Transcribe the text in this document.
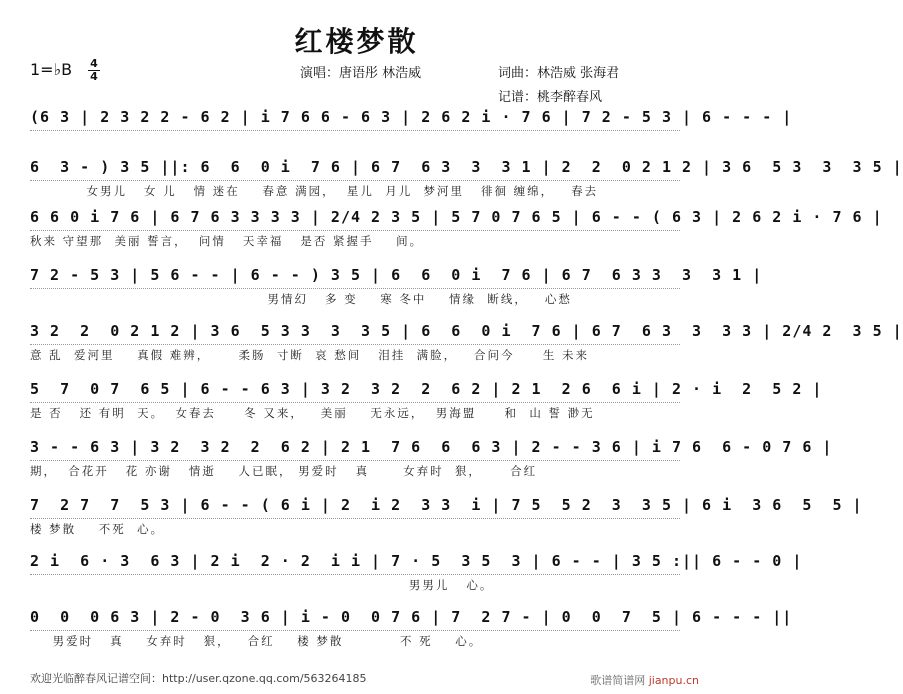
红楼梦散
1=♭B $\frac{4}{4}$	演唱：唐语彤 林浩威	词曲：林浩威 张海君
记谱：桃李醉春风
(6 3 | 2 3 2 2 - 6 2 | i 7 6 6 - 6 3 | 2 6 2 i · 7 6 | 7 2 - 5 3 | 6 - - - |
6  3 - ) 3 5 ||: 6  6  0 i  7 6 | 6 7  6 3  3  3 1 | 2  2  0 2 1 2 | 3 6  5 3  3  3 5 |
女男儿   女 儿   情 迷在    春意 满园，  星儿  月儿  梦河里   徘徊 缠绵，   春去
6 6 0 i 7 6 | 6 7 6 3 3 3 3 | 2/4 2 3 5 | 5 7 0 7 6 5 | 6 - - ( 6 3 | 2 6 2 i · 7 6 |
秋来 守望那  美丽 誓言，  问情   天幸福   是否 紧握手    间。
7 2 - 5 3 | 5 6 - - | 6 - - ) 3 5 | 6  6  0 i  7 6 | 6 7  6 3 3  3  3 1 |
男情幻   多 变    寒 冬中    情缘  断线，   心愁
3 2  2  0 2 1 2 | 3 6  5 3 3  3  3 5 | 6  6  0 i  7 6 | 6 7  6 3  3  3 3 | 2/4 2  3 5 |
意 乱  爱河里    真假 难辨，     柔肠  寸断  哀 愁间   泪挂  满脸，   合问今     生 未来
5  7  0 7  6 5 | 6 - - 6 3 | 3 2  3 2  2  6 2 | 2 1  2 6  6 i | 2 · i  2  5 2 |
是 否   还 有明  天。  女春去     冬 又来，   美丽    无永远，  男海盟     和  山 誓 渺无
3 - - 6 3 | 3 2  3 2  2  6 2 | 2 1  7 6  6  6 3 | 2 - - 3 6 | i 7 6  6 - 0 7 6 |
期，  合花开   花 亦谢   情逝    人已眠， 男爱时   真      女弃时  狠，     合红
7  2 7  7  5 3 | 6 - - ( 6 i | 2  i 2  3 3  i | 7 5  5 2  3  3 5 | 6 i  3 6  5  5 |
楼 梦散    不死  心。
2 i  6 · 3  6 3 | 2 i  2 · 2  i i | 7 · 5  3 5  3 | 6 - - | 3 5 :|| 6 - - 0 |
男男儿   心。
0  0  0 6 3 | 2 - 0  3 6 | i - 0  0 7 6 | 7  2 7 - | 0  0  7  5 | 6 - - - ||
男爱时   真    女弃时   狠，   合红    楼 梦散          不 死    心。
欢迎光临醉春风记谱空间：http://user.qzone.qq.com/563264185	歌谱简谱网 jianpu.cn
